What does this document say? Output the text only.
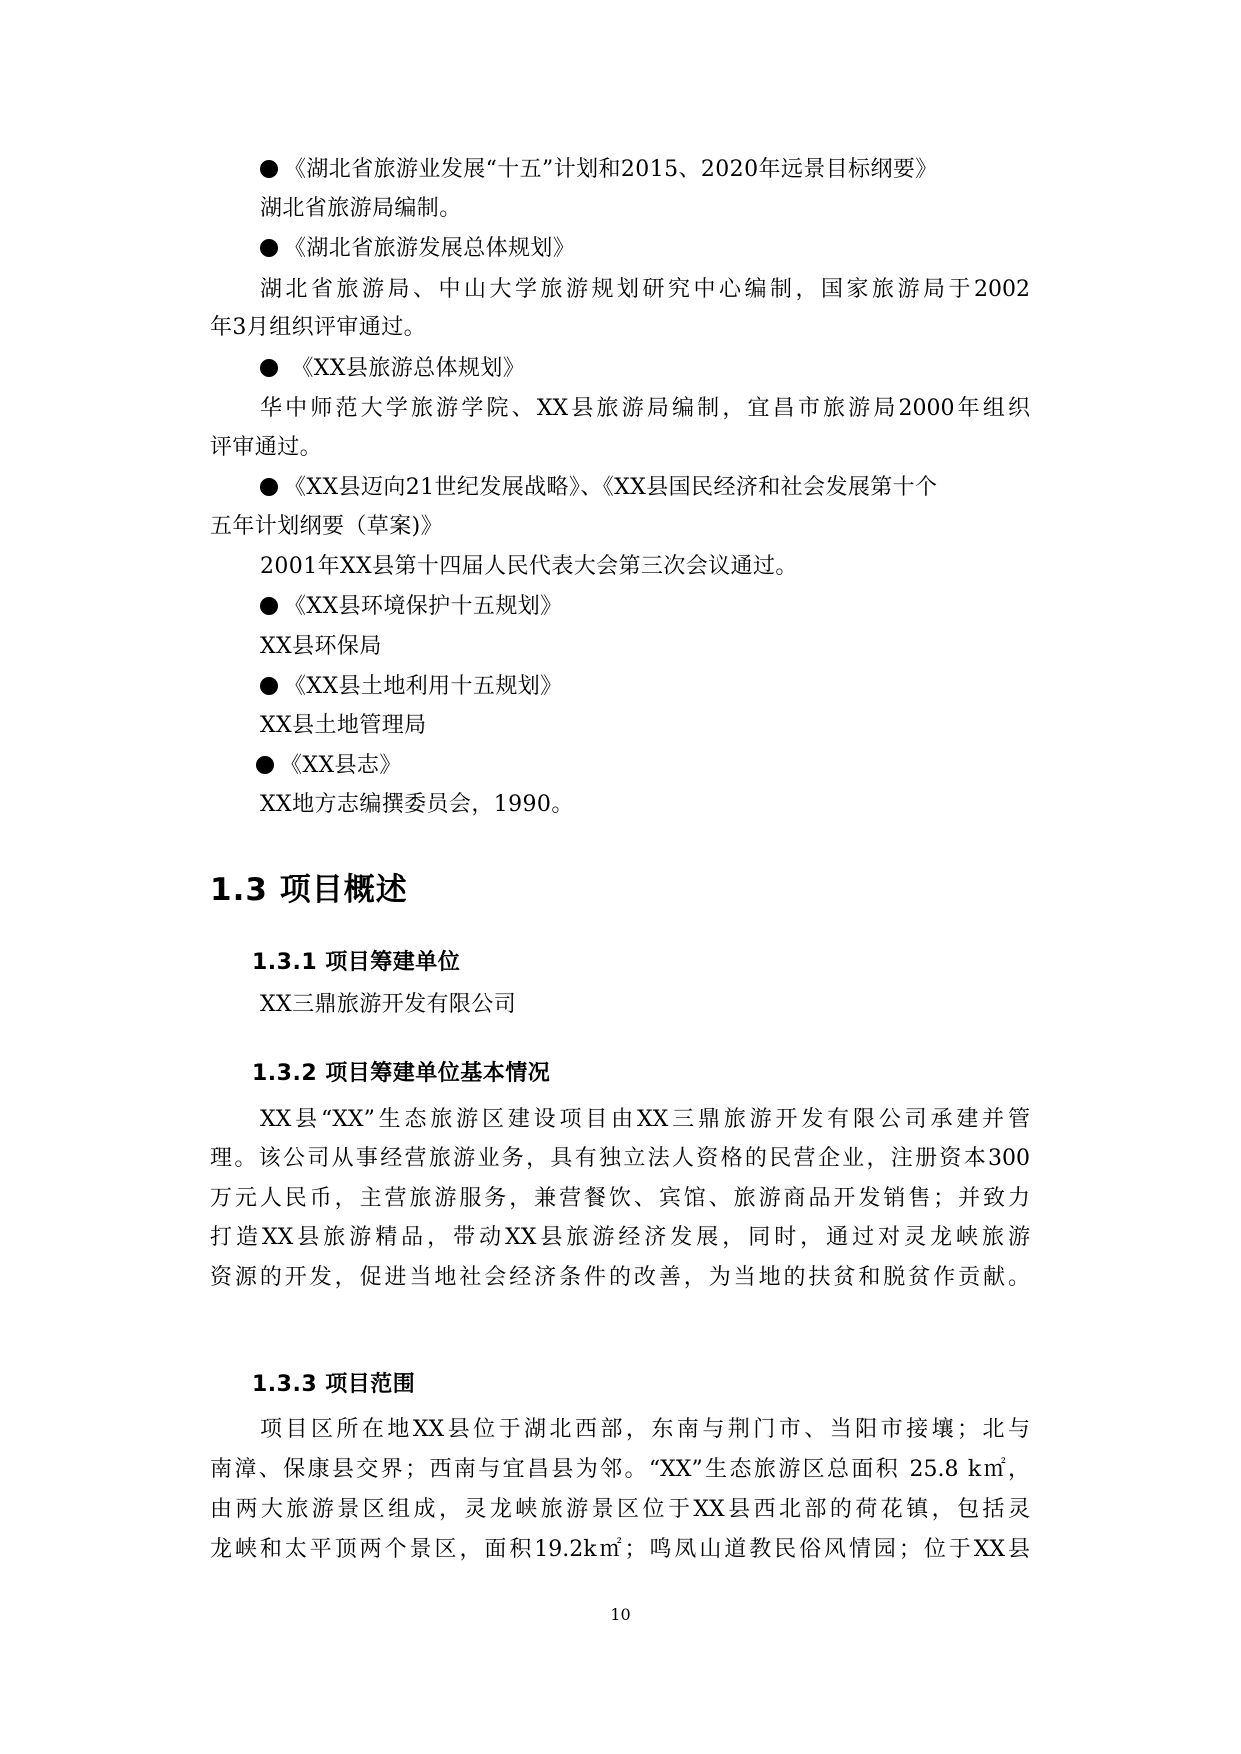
《湖北省旅游业发展“十五”计划和2015、2020年远景目标纲要》
湖北省旅游局编制。
《湖北省旅游发展总体规划》
湖北省旅游局、中山大学旅游规划研究中心编制，国家旅游局于2002
年3月组织评审通过。
《XX县旅游总体规划》
华中师范大学旅游学院、XX县旅游局编制，宜昌市旅游局2000年组织
评审通过。
《XX县迈向21世纪发展战略》、《XX县国民经济和社会发展第十个
五年计划纲要（草案)》
2001年XX县第十四届人民代表大会第三次会议通过。
《XX县环境保护十五规划》
XX县环保局
《XX县土地利用十五规划》
XX县土地管理局
《XX县志》
XX地方志编撰委员会，1990。
1.3 项目概述
1.3.1 项目筹建单位
XX三鼎旅游开发有限公司
1.3.2 项目筹建单位基本情况
XX县“XX”生态旅游区建设项目由XX三鼎旅游开发有限公司承建并管
理。该公司从事经营旅游业务，具有独立法人资格的民营企业，注册资本300
万元人民币，主营旅游服务，兼营餐饮、宾馆、旅游商品开发销售；并致力
打造XX县旅游精品，带动XX县旅游经济发展，同时，通过对灵龙峡旅游
资源的开发，促进当地社会经济条件的改善，为当地的扶贫和脱贫作贡献。
1.3.3 项目范围
项目区所在地XX县位于湖北西部，东南与荆门市、当阳市接壤；北与
南漳、保康县交界；西南与宜昌县为邻。“XX”生态旅游区总面积 25.8 k㎡，
由两大旅游景区组成，灵龙峡旅游景区位于XX县西北部的荷花镇，包括灵
龙峡和太平顶两个景区，面积19.2k㎡；鸣凤山道教民俗风情园；位于XX县
10
